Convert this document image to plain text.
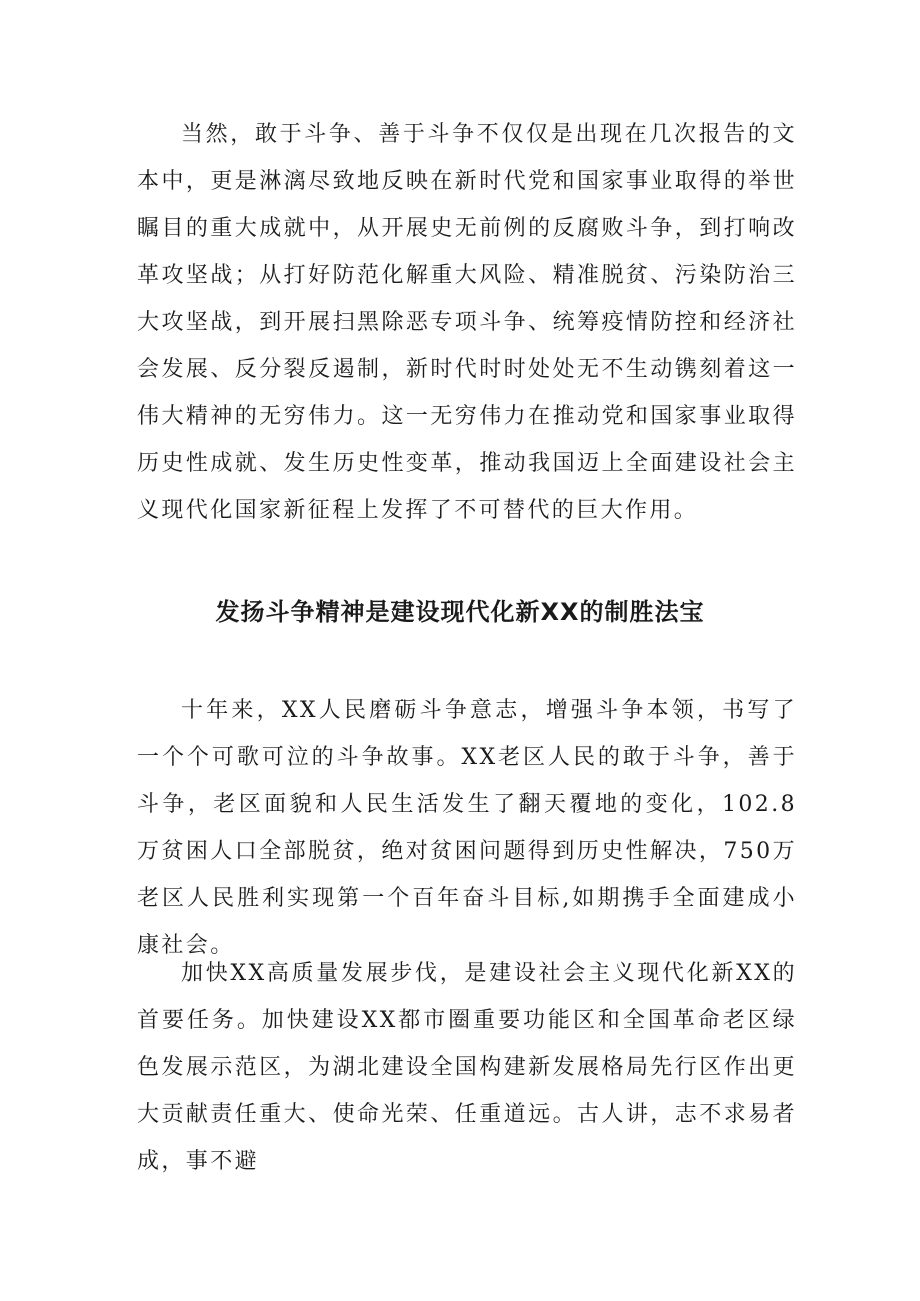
当然，敢于斗争、善于斗争不仅仅是出现在几次报告的文本中，更是淋漓尽致地反映在新时代党和国家事业取得的举世瞩目的重大成就中，从开展史无前例的反腐败斗争，到打响改革攻坚战；从打好防范化解重大风险、精准脱贫、污染防治三大攻坚战，到开展扫黑除恶专项斗争、统筹疫情防控和经济社会发展、反分裂反遏制，新时代时时处处无不生动镌刻着这一伟大精神的无穷伟力。这一无穷伟力在推动党和国家事业取得历史性成就、发生历史性变革，推动我国迈上全面建设社会主义现代化国家新征程上发挥了不可替代的巨大作用。

发扬斗争精神是建设现代化新XX的制胜法宝

十年来，XX人民磨砺斗争意志，增强斗争本领，书写了一个个可歌可泣的斗争故事。XX老区人民的敢于斗争，善于斗争，老区面貌和人民生活发生了翻天覆地的变化，102.8万贫困人口全部脱贫，绝对贫困问题得到历史性解决，750万老区人民胜利实现第一个百年奋斗目标,如期携手全面建成小康社会。

加快XX高质量发展步伐，是建设社会主义现代化新XX的首要任务。加快建设XX都市圈重要功能区和全国革命老区绿色发展示范区，为湖北建设全国构建新发展格局先行区作出更大贡献责任重大、使命光荣、任重道远。古人讲，志不求易者成，事不避
